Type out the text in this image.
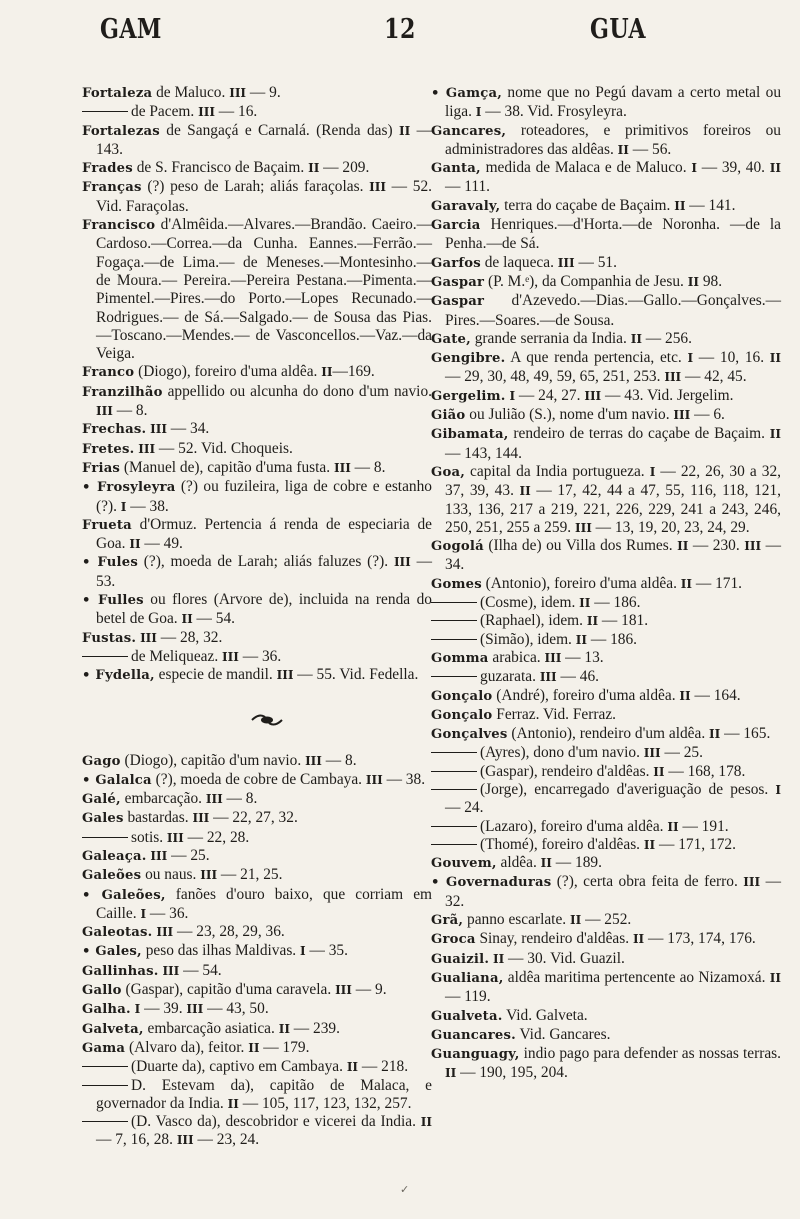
GAM	12	GUA
Fortaleza de Maluco. III — 9.
de Pacem. III — 16.
Fortalezas de Sangaçá e Carnalá. (Renda das) II — 143.
Frades de S. Francisco de Baçaim. II — 209.
Franças (?) peso de Larah; aliás faraçolas. III — 52. Vid. Faraçolas.
Francisco d'Almêida.—Alvares.—Brandão. Caeiro.—Cardoso.—Correa.—da Cunha. Eannes.—Ferrão.—Fogaça.—de Lima.— de Meneses.—Montesinho.—de Moura.— Pereira.—Pereira Pestana.—Pimenta.—Pimentel.—Pires.—do Porto.—Lopes Recunado.— Rodrigues.— de Sá.—Salgado.— de Sousa das Pias.—Toscano.—Mendes.— de Vasconcellos.—Vaz.—da Veiga.
Franco (Diogo), foreiro d'uma aldêa. II—169.
Franzilhão appellido ou alcunha do dono d'um navio. III — 8.
Frechas. III — 34.
Fretes. III — 52. Vid. Choqueis.
Frias (Manuel de), capitão d'uma fusta. III — 8.
• Frosyleyra (?) ou fuzileira, liga de cobre e estanho (?). I — 38.
Frueta d'Ormuz. Pertencia á renda de especiaria de Goa. II — 49.
• Fules (?), moeda de Larah; aliás faluzes (?). III — 53.
• Fulles ou flores (Arvore de), incluida na renda do betel de Goa. II — 54.
Fustas. III — 28, 32.
de Meliqueaz. III — 36.
• Fydella, especie de mandil. III — 55. Vid. Fedella.
Gago (Diogo), capitão d'um navio. III — 8.
• Galalca (?), moeda de cobre de Cambaya. III — 38.
Galé, embarcação. III — 8.
Gales bastardas. III — 22, 27, 32.
sotis. III — 22, 28.
Galeaça. III — 25.
Galeões ou naus. III — 21, 25.
• Galeões, fanões d'ouro baixo, que corriam em Caille. I — 36.
Galeotas. III — 23, 28, 29, 36.
• Gales, peso das ilhas Maldivas. I — 35.
Gallinhas. III — 54.
Gallo (Gaspar), capitão d'uma caravela. III — 9.
Galha. I — 39. III — 43, 50.
Galveta, embarcação asiatica. II — 239.
Gama (Alvaro da), feitor. II — 179.
(Duarte da), captivo em Cambaya. II — 218.
D. Estevam da), capitão de Malaca, e governador da India. II — 105, 117, 123, 132, 257.
(D. Vasco da), descobridor e vicerei da India. II — 7, 16, 28. III — 23, 24.
• Gamça, nome que no Pegú davam a certo metal ou liga. I — 38. Vid. Frosyleyra.
Gancares, roteadores, e primitivos foreiros ou administradores das aldêas. II — 56.
Ganta, medida de Malaca e de Maluco. I — 39, 40. II — 111.
Garavaly, terra do caçabe de Baçaim. II — 141.
Garcia Henriques.—d'Horta.—de Noronha. —de la Penha.—de Sá.
Garfos de laquecа. III — 51.
Gaspar (P. M.ᵉ), da Companhia de Jesu. II 98.
Gaspar d'Azevedo.—Dias.—Gallo.—Gonçalves.—Pires.—Soares.—de Sousa.
Gate, grande serrania da India. II — 256.
Gengibre. A que renda pertencia, etc. I — 10, 16. II — 29, 30, 48, 49, 59, 65, 251, 253. III — 42, 45.
Gergelim. I — 24, 27. III — 43. Vid. Jergelim.
Gião ou Julião (S.), nome d'um navio. III — 6.
Gibamata, rendeiro de terras do caçabe de Baçaim. II — 143, 144.
Goa, capital da India portugueza. I — 22, 26, 30 a 32, 37, 39, 43. II — 17, 42, 44 a 47, 55, 116, 118, 121, 133, 136, 217 a 219, 221, 226, 229, 241 a 243, 246, 250, 251, 255 a 259. III — 13, 19, 20, 23, 24, 29.
Gogolá (Ilha de) ou Villa dos Rumes. II — 230. III — 34.
Gomes (Antonio), foreiro d'uma aldêa. II — 171.
(Cosme), idem. II — 186.
(Raphael), idem. II — 181.
(Simão), idem. II — 186.
Gomma arabica. III — 13.
guzarata. III — 46.
Gonçalo (André), foreiro d'uma aldêa. II — 164.
Gonçalo Ferraz. Vid. Ferraz.
Gonçalves (Antonio), rendeiro d'um aldêa. II — 165.
(Ayres), dono d'um navio. III — 25.
(Gaspar), rendeiro d'aldêas. II — 168, 178.
(Jorge), encarregado d'averiguação de pesos. I — 24.
(Lazaro), foreiro d'uma aldêa. II — 191.
(Thomé), foreiro d'aldêas. II — 171, 172.
Gouvem, aldêa. II — 189.
• Governaduras (?), certa obra feita de ferro. III — 32.
Grã, panno escarlate. II — 252.
Groca Sinay, rendeiro d'aldêas. II — 173, 174, 176.
Guaizil. II — 30. Vid. Guazil.
Gualiana, aldêa maritima pertencente ao Nizamoxá. II — 119.
Gualveta. Vid. Galveta.
Guancares. Vid. Gancares.
Guanguagy, indio pago para defender as nossas terras. II — 190, 195, 204.
✓
